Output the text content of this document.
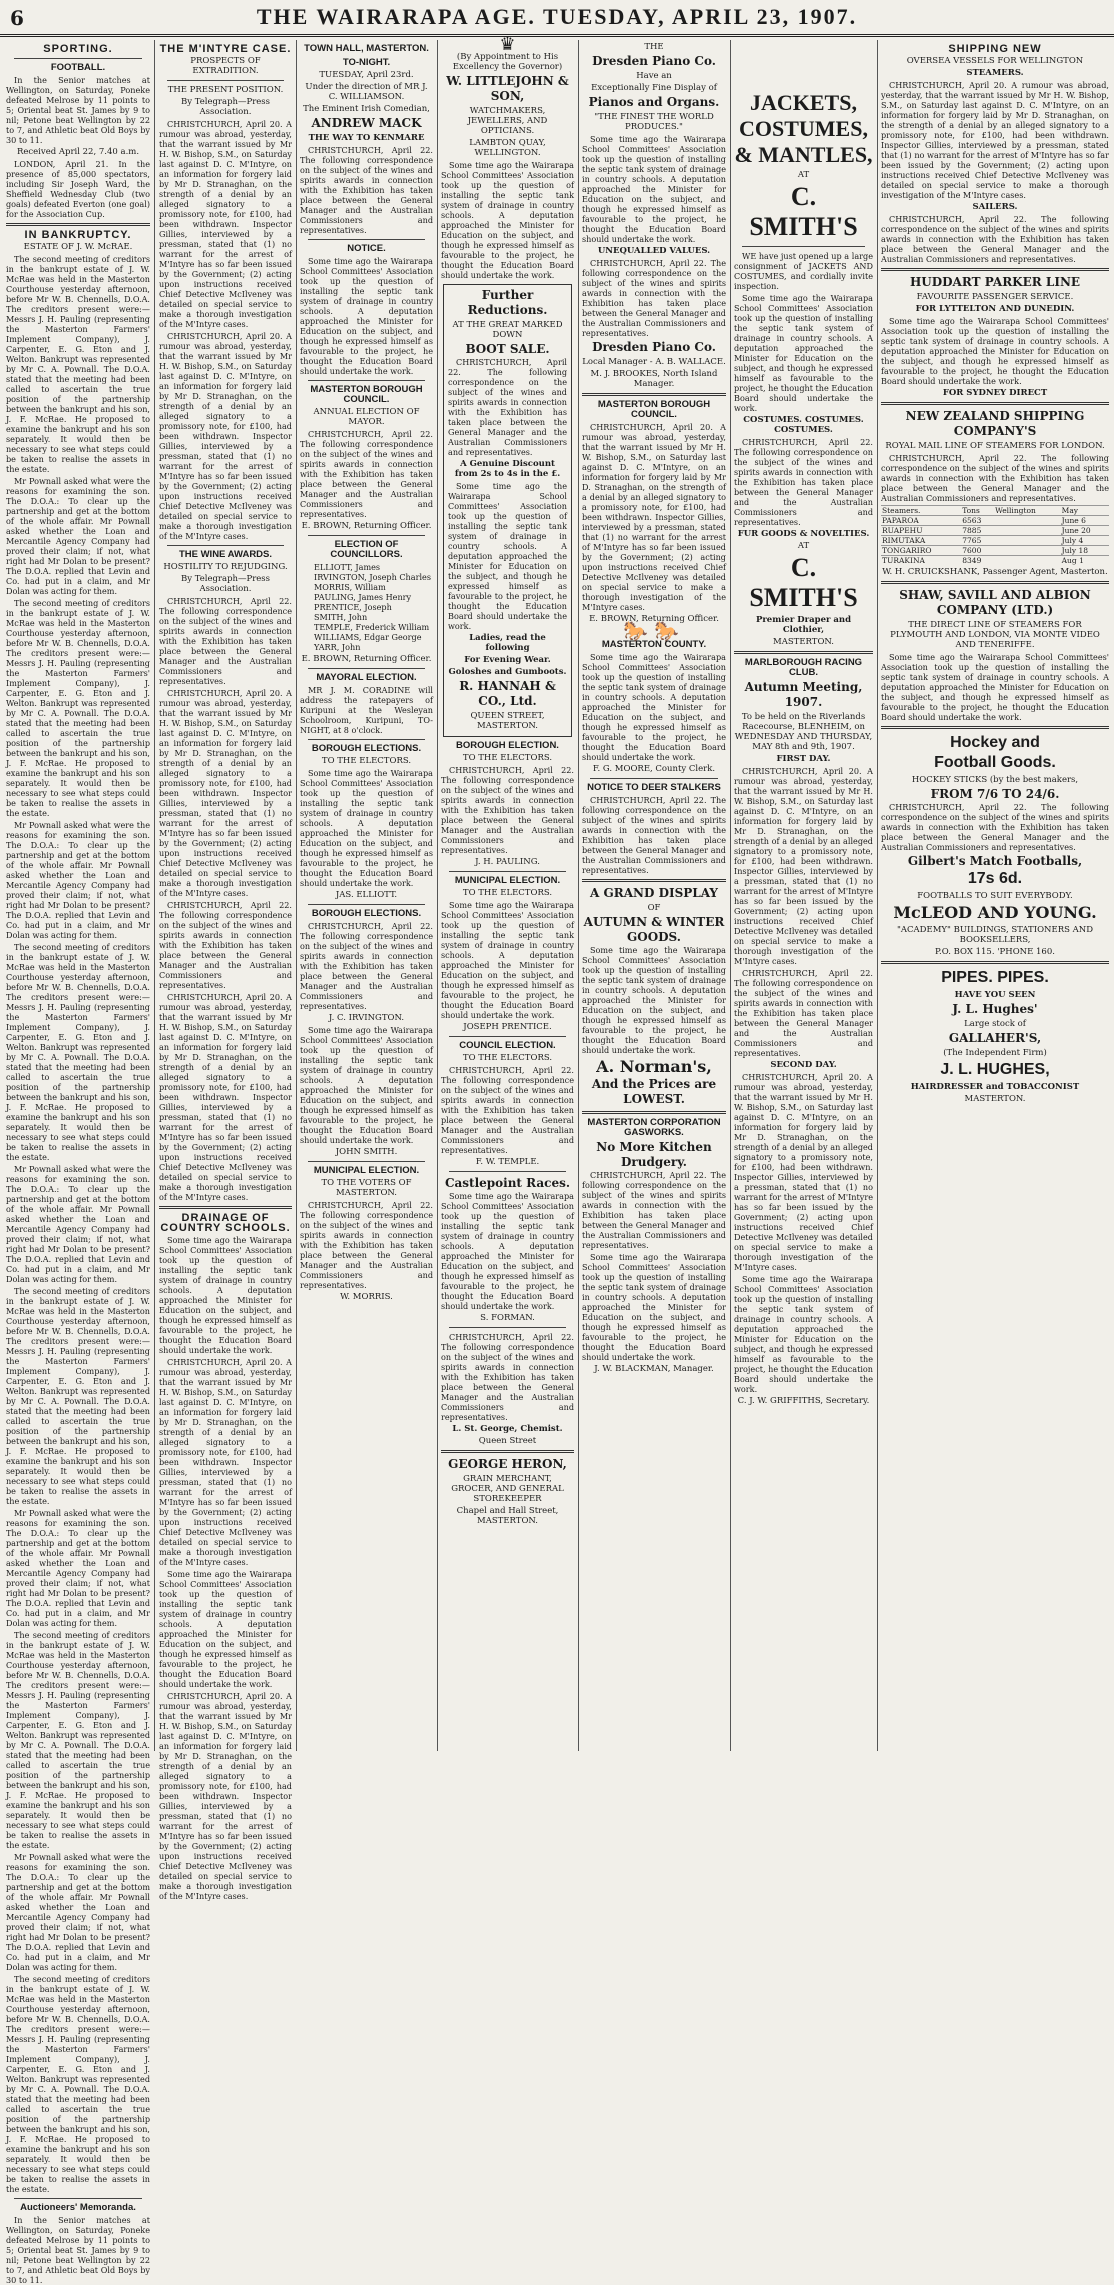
6	THE WAIRARAPA AGE. TUESDAY, APRIL 23, 1907.
SPORTING.
FOOTBALL.
In the Senior matches at Wellington, on Saturday, Poneke defeated Melrose by 11 points to 5; Oriental beat St. James by 9 to nil; Petone beat Wellington by 22 to 7, and Athletic beat Old Boys by 30 to 11.
Received April 22, 7.40 a.m.
LONDON, April 21. In the presence of 85,000 spectators, including Sir Joseph Ward, the Sheffield Wednesday Club (two goals) defeated Everton (one goal) for the Association Cup.
IN BANKRUPTCY.
ESTATE OF J. W. McRAE.
The second meeting of creditors in the bankrupt estate of J. W. McRae was held in the Masterton Courthouse yesterday afternoon, before Mr W. B. Chennells, D.O.A. The creditors present were:—Messrs J. H. Pauling (representing the Masterton Farmers' Implement Company), J. Carpenter, E. G. Eton and J. Welton. Bankrupt was represented by Mr C. A. Pownall. The D.O.A. stated that the meeting had been called to ascertain the true position of the partnership between the bankrupt and his son, J. F. McRae. He proposed to examine the bankrupt and his son separately. It would then be necessary to see what steps could be taken to realise the assets in the estate.
Mr Pownall asked what were the reasons for examining the son. The D.O.A.: To clear up the partnership and get at the bottom of the whole affair. Mr Pownall asked whether the Loan and Mercantile Agency Company had proved their claim; if not, what right had Mr Dolan to be present? The D.O.A. replied that Levin and Co. had put in a claim, and Mr Dolan was acting for them.
The second meeting of creditors in the bankrupt estate of J. W. McRae was held in the Masterton Courthouse yesterday afternoon, before Mr W. B. Chennells, D.O.A. The creditors present were:—Messrs J. H. Pauling (representing the Masterton Farmers' Implement Company), J. Carpenter, E. G. Eton and J. Welton. Bankrupt was represented by Mr C. A. Pownall. The D.O.A. stated that the meeting had been called to ascertain the true position of the partnership between the bankrupt and his son, J. F. McRae. He proposed to examine the bankrupt and his son separately. It would then be necessary to see what steps could be taken to realise the assets in the estate.
Mr Pownall asked what were the reasons for examining the son. The D.O.A.: To clear up the partnership and get at the bottom of the whole affair. Mr Pownall asked whether the Loan and Mercantile Agency Company had proved their claim; if not, what right had Mr Dolan to be present? The D.O.A. replied that Levin and Co. had put in a claim, and Mr Dolan was acting for them.
The second meeting of creditors in the bankrupt estate of J. W. McRae was held in the Masterton Courthouse yesterday afternoon, before Mr W. B. Chennells, D.O.A. The creditors present were:—Messrs J. H. Pauling (representing the Masterton Farmers' Implement Company), J. Carpenter, E. G. Eton and J. Welton. Bankrupt was represented by Mr C. A. Pownall. The D.O.A. stated that the meeting had been called to ascertain the true position of the partnership between the bankrupt and his son, J. F. McRae. He proposed to examine the bankrupt and his son separately. It would then be necessary to see what steps could be taken to realise the assets in the estate.
Mr Pownall asked what were the reasons for examining the son. The D.O.A.: To clear up the partnership and get at the bottom of the whole affair. Mr Pownall asked whether the Loan and Mercantile Agency Company had proved their claim; if not, what right had Mr Dolan to be present? The D.O.A. replied that Levin and Co. had put in a claim, and Mr Dolan was acting for them.
The second meeting of creditors in the bankrupt estate of J. W. McRae was held in the Masterton Courthouse yesterday afternoon, before Mr W. B. Chennells, D.O.A. The creditors present were:—Messrs J. H. Pauling (representing the Masterton Farmers' Implement Company), J. Carpenter, E. G. Eton and J. Welton. Bankrupt was represented by Mr C. A. Pownall. The D.O.A. stated that the meeting had been called to ascertain the true position of the partnership between the bankrupt and his son, J. F. McRae. He proposed to examine the bankrupt and his son separately. It would then be necessary to see what steps could be taken to realise the assets in the estate.
Mr Pownall asked what were the reasons for examining the son. The D.O.A.: To clear up the partnership and get at the bottom of the whole affair. Mr Pownall asked whether the Loan and Mercantile Agency Company had proved their claim; if not, what right had Mr Dolan to be present? The D.O.A. replied that Levin and Co. had put in a claim, and Mr Dolan was acting for them.
The second meeting of creditors in the bankrupt estate of J. W. McRae was held in the Masterton Courthouse yesterday afternoon, before Mr W. B. Chennells, D.O.A. The creditors present were:—Messrs J. H. Pauling (representing the Masterton Farmers' Implement Company), J. Carpenter, E. G. Eton and J. Welton. Bankrupt was represented by Mr C. A. Pownall. The D.O.A. stated that the meeting had been called to ascertain the true position of the partnership between the bankrupt and his son, J. F. McRae. He proposed to examine the bankrupt and his son separately. It would then be necessary to see what steps could be taken to realise the assets in the estate.
Mr Pownall asked what were the reasons for examining the son. The D.O.A.: To clear up the partnership and get at the bottom of the whole affair. Mr Pownall asked whether the Loan and Mercantile Agency Company had proved their claim; if not, what right had Mr Dolan to be present? The D.O.A. replied that Levin and Co. had put in a claim, and Mr Dolan was acting for them.
The second meeting of creditors in the bankrupt estate of J. W. McRae was held in the Masterton Courthouse yesterday afternoon, before Mr W. B. Chennells, D.O.A. The creditors present were:—Messrs J. H. Pauling (representing the Masterton Farmers' Implement Company), J. Carpenter, E. G. Eton and J. Welton. Bankrupt was represented by Mr C. A. Pownall. The D.O.A. stated that the meeting had been called to ascertain the true position of the partnership between the bankrupt and his son, J. F. McRae. He proposed to examine the bankrupt and his son separately. It would then be necessary to see what steps could be taken to realise the assets in the estate.
Auctioneers' Memoranda.
In the Senior matches at Wellington, on Saturday, Poneke defeated Melrose by 11 points to 5; Oriental beat St. James by 9 to nil; Petone beat Wellington by 22 to 7, and Athletic beat Old Boys by 30 to 11.
THE M'INTYRE CASE.
PROSPECTS OF EXTRADITION.
THE PRESENT POSITION.
By Telegraph—Press Association.
CHRISTCHURCH, April 20. A rumour was abroad, yesterday, that the warrant issued by Mr H. W. Bishop, S.M., on Saturday last against D. C. M'Intyre, on an information for forgery laid by Mr D. Stranaghan, on the strength of a denial by an alleged signatory to a promissory note, for £100, had been withdrawn. Inspector Gillies, interviewed by a pressman, stated that (1) no warrant for the arrest of M'Intyre has so far been issued by the Government; (2) acting upon instructions received Chief Detective McIlveney was detailed on special service to make a thorough investigation of the M'Intyre cases.
CHRISTCHURCH, April 20. A rumour was abroad, yesterday, that the warrant issued by Mr H. W. Bishop, S.M., on Saturday last against D. C. M'Intyre, on an information for forgery laid by Mr D. Stranaghan, on the strength of a denial by an alleged signatory to a promissory note, for £100, had been withdrawn. Inspector Gillies, interviewed by a pressman, stated that (1) no warrant for the arrest of M'Intyre has so far been issued by the Government; (2) acting upon instructions received Chief Detective McIlveney was detailed on special service to make a thorough investigation of the M'Intyre cases.
THE WINE AWARDS.
HOSTILITY TO REJUDGING.
By Telegraph—Press Association.
CHRISTCHURCH, April 22. The following correspondence on the subject of the wines and spirits awards in connection with the Exhibition has taken place between the General Manager and the Australian Commissioners and representatives.
CHRISTCHURCH, April 20. A rumour was abroad, yesterday, that the warrant issued by Mr H. W. Bishop, S.M., on Saturday last against D. C. M'Intyre, on an information for forgery laid by Mr D. Stranaghan, on the strength of a denial by an alleged signatory to a promissory note, for £100, had been withdrawn. Inspector Gillies, interviewed by a pressman, stated that (1) no warrant for the arrest of M'Intyre has so far been issued by the Government; (2) acting upon instructions received Chief Detective McIlveney was detailed on special service to make a thorough investigation of the M'Intyre cases.
CHRISTCHURCH, April 22. The following correspondence on the subject of the wines and spirits awards in connection with the Exhibition has taken place between the General Manager and the Australian Commissioners and representatives.
CHRISTCHURCH, April 20. A rumour was abroad, yesterday, that the warrant issued by Mr H. W. Bishop, S.M., on Saturday last against D. C. M'Intyre, on an information for forgery laid by Mr D. Stranaghan, on the strength of a denial by an alleged signatory to a promissory note, for £100, had been withdrawn. Inspector Gillies, interviewed by a pressman, stated that (1) no warrant for the arrest of M'Intyre has so far been issued by the Government; (2) acting upon instructions received Chief Detective McIlveney was detailed on special service to make a thorough investigation of the M'Intyre cases.
DRAINAGE OF COUNTRY SCHOOLS.
Some time ago the Wairarapa School Committees' Association took up the question of installing the septic tank system of drainage in country schools. A deputation approached the Minister for Education on the subject, and though he expressed himself as favourable to the project, he thought the Education Board should undertake the work.
CHRISTCHURCH, April 20. A rumour was abroad, yesterday, that the warrant issued by Mr H. W. Bishop, S.M., on Saturday last against D. C. M'Intyre, on an information for forgery laid by Mr D. Stranaghan, on the strength of a denial by an alleged signatory to a promissory note, for £100, had been withdrawn. Inspector Gillies, interviewed by a pressman, stated that (1) no warrant for the arrest of M'Intyre has so far been issued by the Government; (2) acting upon instructions received Chief Detective McIlveney was detailed on special service to make a thorough investigation of the M'Intyre cases.
Some time ago the Wairarapa School Committees' Association took up the question of installing the septic tank system of drainage in country schools. A deputation approached the Minister for Education on the subject, and though he expressed himself as favourable to the project, he thought the Education Board should undertake the work.
CHRISTCHURCH, April 20. A rumour was abroad, yesterday, that the warrant issued by Mr H. W. Bishop, S.M., on Saturday last against D. C. M'Intyre, on an information for forgery laid by Mr D. Stranaghan, on the strength of a denial by an alleged signatory to a promissory note, for £100, had been withdrawn. Inspector Gillies, interviewed by a pressman, stated that (1) no warrant for the arrest of M'Intyre has so far been issued by the Government; (2) acting upon instructions received Chief Detective McIlveney was detailed on special service to make a thorough investigation of the M'Intyre cases.
TOWN HALL, MASTERTON.
TO-NIGHT.
TUESDAY, April 23rd.
Under the direction of MR J. C. WILLIAMSON.
The Eminent Irish Comedian,
ANDREW MACK
THE WAY TO KENMARE
CHRISTCHURCH, April 22. The following correspondence on the subject of the wines and spirits awards in connection with the Exhibition has taken place between the General Manager and the Australian Commissioners and representatives.
NOTICE.
Some time ago the Wairarapa School Committees' Association took up the question of installing the septic tank system of drainage in country schools. A deputation approached the Minister for Education on the subject, and though he expressed himself as favourable to the project, he thought the Education Board should undertake the work.
MASTERTON BOROUGH COUNCIL.
ANNUAL ELECTION OF MAYOR.
CHRISTCHURCH, April 22. The following correspondence on the subject of the wines and spirits awards in connection with the Exhibition has taken place between the General Manager and the Australian Commissioners and representatives.
E. BROWN, Returning Officer.
ELECTION OF COUNCILLORS.
ELLIOTT, James
IRVINGTON, Joseph Charles
MORRIS, William
PAULING, James Henry
PRENTICE, Joseph
SMITH, John
TEMPLE, Frederick William
WILLIAMS, Edgar George
YARR, John
E. BROWN, Returning Officer.
MAYORAL ELECTION.
MR J. M. CORADINE will address the ratepayers of Kuripuni at the Wesleyan Schoolroom, Kuripuni, TO-NIGHT, at 8 o'clock.
BOROUGH ELECTIONS.
TO THE ELECTORS.
Some time ago the Wairarapa School Committees' Association took up the question of installing the septic tank system of drainage in country schools. A deputation approached the Minister for Education on the subject, and though he expressed himself as favourable to the project, he thought the Education Board should undertake the work.
JAS. ELLIOTT.
BOROUGH ELECTIONS.
CHRISTCHURCH, April 22. The following correspondence on the subject of the wines and spirits awards in connection with the Exhibition has taken place between the General Manager and the Australian Commissioners and representatives.
J. C. IRVINGTON.
Some time ago the Wairarapa School Committees' Association took up the question of installing the septic tank system of drainage in country schools. A deputation approached the Minister for Education on the subject, and though he expressed himself as favourable to the project, he thought the Education Board should undertake the work.
JOHN SMITH.
MUNICIPAL ELECTION.
TO THE VOTERS OF MASTERTON.
CHRISTCHURCH, April 22. The following correspondence on the subject of the wines and spirits awards in connection with the Exhibition has taken place between the General Manager and the Australian Commissioners and representatives.
W. MORRIS.
♛
(By Appointment to His Excellency the Governor)
W. LITTLEJOHN & SON,
WATCHMAKERS, JEWELLERS, AND OPTICIANS.
LAMBTON QUAY, WELLINGTON.
Some time ago the Wairarapa School Committees' Association took up the question of installing the septic tank system of drainage in country schools. A deputation approached the Minister for Education on the subject, and though he expressed himself as favourable to the project, he thought the Education Board should undertake the work.
Further Reductions.
AT THE GREAT MARKED DOWN
BOOT SALE.
CHRISTCHURCH, April 22. The following correspondence on the subject of the wines and spirits awards in connection with the Exhibition has taken place between the General Manager and the Australian Commissioners and representatives.
A Genuine Discount from 2s to 4s in the £.
Some time ago the Wairarapa School Committees' Association took up the question of installing the septic tank system of drainage in country schools. A deputation approached the Minister for Education on the subject, and though he expressed himself as favourable to the project, he thought the Education Board should undertake the work.
Ladies, read the following
For Evening Wear.
Goloshes and Gumboots.
R. HANNAH & CO., Ltd.
QUEEN STREET, MASTERTON.
BOROUGH ELECTION.
TO THE ELECTORS.
CHRISTCHURCH, April 22. The following correspondence on the subject of the wines and spirits awards in connection with the Exhibition has taken place between the General Manager and the Australian Commissioners and representatives.
J. H. PAULING.
MUNICIPAL ELECTION.
TO THE ELECTORS.
Some time ago the Wairarapa School Committees' Association took up the question of installing the septic tank system of drainage in country schools. A deputation approached the Minister for Education on the subject, and though he expressed himself as favourable to the project, he thought the Education Board should undertake the work.
JOSEPH PRENTICE.
COUNCIL ELECTION.
TO THE ELECTORS.
CHRISTCHURCH, April 22. The following correspondence on the subject of the wines and spirits awards in connection with the Exhibition has taken place between the General Manager and the Australian Commissioners and representatives.
F. W. TEMPLE.
Castlepoint Races.
Some time ago the Wairarapa School Committees' Association took up the question of installing the septic tank system of drainage in country schools. A deputation approached the Minister for Education on the subject, and though he expressed himself as favourable to the project, he thought the Education Board should undertake the work.
S. FORMAN.
CHRISTCHURCH, April 22. The following correspondence on the subject of the wines and spirits awards in connection with the Exhibition has taken place between the General Manager and the Australian Commissioners and representatives.
L. St. George, Chemist.
Queen Street
GEORGE HERON,
GRAIN MERCHANT, GROCER, AND GENERAL STOREKEEPER
Chapel and Hall Street, MASTERTON.
THE
Dresden Piano Co.
Have an
Exceptionally Fine Display of
Pianos and Organs.
"THE FINEST THE WORLD PRODUCES."
Some time ago the Wairarapa School Committees' Association took up the question of installing the septic tank system of drainage in country schools. A deputation approached the Minister for Education on the subject, and though he expressed himself as favourable to the project, he thought the Education Board should undertake the work.
UNEQUALLED VALUES.
CHRISTCHURCH, April 22. The following correspondence on the subject of the wines and spirits awards in connection with the Exhibition has taken place between the General Manager and the Australian Commissioners and representatives.
Dresden Piano Co.
Local Manager - A. B. WALLACE.
M. J. BROOKES, North Island Manager.
MASTERTON BOROUGH COUNCIL.
CHRISTCHURCH, April 20. A rumour was abroad, yesterday, that the warrant issued by Mr H. W. Bishop, S.M., on Saturday last against D. C. M'Intyre, on an information for forgery laid by Mr D. Stranaghan, on the strength of a denial by an alleged signatory to a promissory note, for £100, had been withdrawn. Inspector Gillies, interviewed by a pressman, stated that (1) no warrant for the arrest of M'Intyre has so far been issued by the Government; (2) acting upon instructions received Chief Detective McIlveney was detailed on special service to make a thorough investigation of the M'Intyre cases.
E. BROWN, Returning Officer.
🐎🐎
MASTERTON COUNTY.
Some time ago the Wairarapa School Committees' Association took up the question of installing the septic tank system of drainage in country schools. A deputation approached the Minister for Education on the subject, and though he expressed himself as favourable to the project, he thought the Education Board should undertake the work.
F. G. MOORE, County Clerk.
NOTICE TO DEER STALKERS
CHRISTCHURCH, April 22. The following correspondence on the subject of the wines and spirits awards in connection with the Exhibition has taken place between the General Manager and the Australian Commissioners and representatives.
A GRAND DISPLAY
OF
AUTUMN & WINTER GOODS.
Some time ago the Wairarapa School Committees' Association took up the question of installing the septic tank system of drainage in country schools. A deputation approached the Minister for Education on the subject, and though he expressed himself as favourable to the project, he thought the Education Board should undertake the work.
A. Norman's,
And the Prices are LOWEST.
MASTERTON CORPORATION GASWORKS.
No More Kitchen Drudgery.
CHRISTCHURCH, April 22. The following correspondence on the subject of the wines and spirits awards in connection with the Exhibition has taken place between the General Manager and the Australian Commissioners and representatives.
Some time ago the Wairarapa School Committees' Association took up the question of installing the septic tank system of drainage in country schools. A deputation approached the Minister for Education on the subject, and though he expressed himself as favourable to the project, he thought the Education Board should undertake the work.
J. W. BLACKMAN, Manager.
JACKETS,
COSTUMES,
& MANTLES,
AT
C. SMITH'S
WE have just opened up a large consignment of JACKETS AND COSTUMES, and cordially invite inspection.
Some time ago the Wairarapa School Committees' Association took up the question of installing the septic tank system of drainage in country schools. A deputation approached the Minister for Education on the subject, and though he expressed himself as favourable to the project, he thought the Education Board should undertake the work.
COSTUMES. COSTUMES. COSTUMES.
CHRISTCHURCH, April 22. The following correspondence on the subject of the wines and spirits awards in connection with the Exhibition has taken place between the General Manager and the Australian Commissioners and representatives.
FUR GOODS & NOVELTIES.
AT
C. SMITH'S
Premier Draper and Clothier,
MASTERTON.
MARLBOROUGH RACING CLUB.
Autumn Meeting, 1907.
To be held on the Riverlands Racecourse, BLENHEIM, on WEDNESDAY AND THURSDAY, MAY 8th and 9th, 1907.
FIRST DAY.
CHRISTCHURCH, April 20. A rumour was abroad, yesterday, that the warrant issued by Mr H. W. Bishop, S.M., on Saturday last against D. C. M'Intyre, on an information for forgery laid by Mr D. Stranaghan, on the strength of a denial by an alleged signatory to a promissory note, for £100, had been withdrawn. Inspector Gillies, interviewed by a pressman, stated that (1) no warrant for the arrest of M'Intyre has so far been issued by the Government; (2) acting upon instructions received Chief Detective McIlveney was detailed on special service to make a thorough investigation of the M'Intyre cases.
CHRISTCHURCH, April 22. The following correspondence on the subject of the wines and spirits awards in connection with the Exhibition has taken place between the General Manager and the Australian Commissioners and representatives.
SECOND DAY.
CHRISTCHURCH, April 20. A rumour was abroad, yesterday, that the warrant issued by Mr H. W. Bishop, S.M., on Saturday last against D. C. M'Intyre, on an information for forgery laid by Mr D. Stranaghan, on the strength of a denial by an alleged signatory to a promissory note, for £100, had been withdrawn. Inspector Gillies, interviewed by a pressman, stated that (1) no warrant for the arrest of M'Intyre has so far been issued by the Government; (2) acting upon instructions received Chief Detective McIlveney was detailed on special service to make a thorough investigation of the M'Intyre cases.
Some time ago the Wairarapa School Committees' Association took up the question of installing the septic tank system of drainage in country schools. A deputation approached the Minister for Education on the subject, and though he expressed himself as favourable to the project, he thought the Education Board should undertake the work.
C. J. W. GRIFFITHS, Secretary.
SHIPPING NEW
OVERSEA VESSELS FOR WELLINGTON
STEAMERS.
CHRISTCHURCH, April 20. A rumour was abroad, yesterday, that the warrant issued by Mr H. W. Bishop, S.M., on Saturday last against D. C. M'Intyre, on an information for forgery laid by Mr D. Stranaghan, on the strength of a denial by an alleged signatory to a promissory note, for £100, had been withdrawn. Inspector Gillies, interviewed by a pressman, stated that (1) no warrant for the arrest of M'Intyre has so far been issued by the Government; (2) acting upon instructions received Chief Detective McIlveney was detailed on special service to make a thorough investigation of the M'Intyre cases.
SAILERS.
CHRISTCHURCH, April 22. The following correspondence on the subject of the wines and spirits awards in connection with the Exhibition has taken place between the General Manager and the Australian Commissioners and representatives.
HUDDART PARKER LINE
FAVOURITE PASSENGER SERVICE.
FOR LYTTELTON AND DUNEDIN.
Some time ago the Wairarapa School Committees' Association took up the question of installing the septic tank system of drainage in country schools. A deputation approached the Minister for Education on the subject, and though he expressed himself as favourable to the project, he thought the Education Board should undertake the work.
FOR SYDNEY DIRECT
NEW ZEALAND SHIPPING COMPANY'S
ROYAL MAIL LINE OF STEAMERS FOR LONDON.
CHRISTCHURCH, April 22. The following correspondence on the subject of the wines and spirits awards in connection with the Exhibition has taken place between the General Manager and the Australian Commissioners and representatives.
Steamers.	Tons	Wellington	May
PAPAROA	6563		June 6
RUAPEHU	7885		June 20
RIMUTAKA	7765		July 4
TONGARIRO	7600		July 18
TURAKINA	8349		Aug 1
W. H. CRUICKSHANK, Passenger Agent, Masterton.
SHAW, SAVILL AND ALBION COMPANY (LTD.)
THE DIRECT LINE OF STEAMERS FOR PLYMOUTH AND LONDON, VIA MONTE VIDEO AND TENERIFFE.
Some time ago the Wairarapa School Committees' Association took up the question of installing the septic tank system of drainage in country schools. A deputation approached the Minister for Education on the subject, and though he expressed himself as favourable to the project, he thought the Education Board should undertake the work.
Hockey and
Football Goods.
HOCKEY STICKS (by the best makers,
FROM 7/6 TO 24/6.
CHRISTCHURCH, April 22. The following correspondence on the subject of the wines and spirits awards in connection with the Exhibition has taken place between the General Manager and the Australian Commissioners and representatives.
Gilbert's Match Footballs,
17s 6d.
FOOTBALLS TO SUIT EVERYBODY.
McLEOD AND YOUNG.
"ACADEMY" BUILDINGS, STATIONERS AND BOOKSELLERS,
P.O. BOX 115. 'PHONE 160.
PIPES. PIPES.
HAVE YOU SEEN
J. L. Hughes'
Large stock of
GALLAHER'S,
(The Independent Firm)
J. L. HUGHES,
HAIRDRESSER and TOBACCONIST
MASTERTON.
